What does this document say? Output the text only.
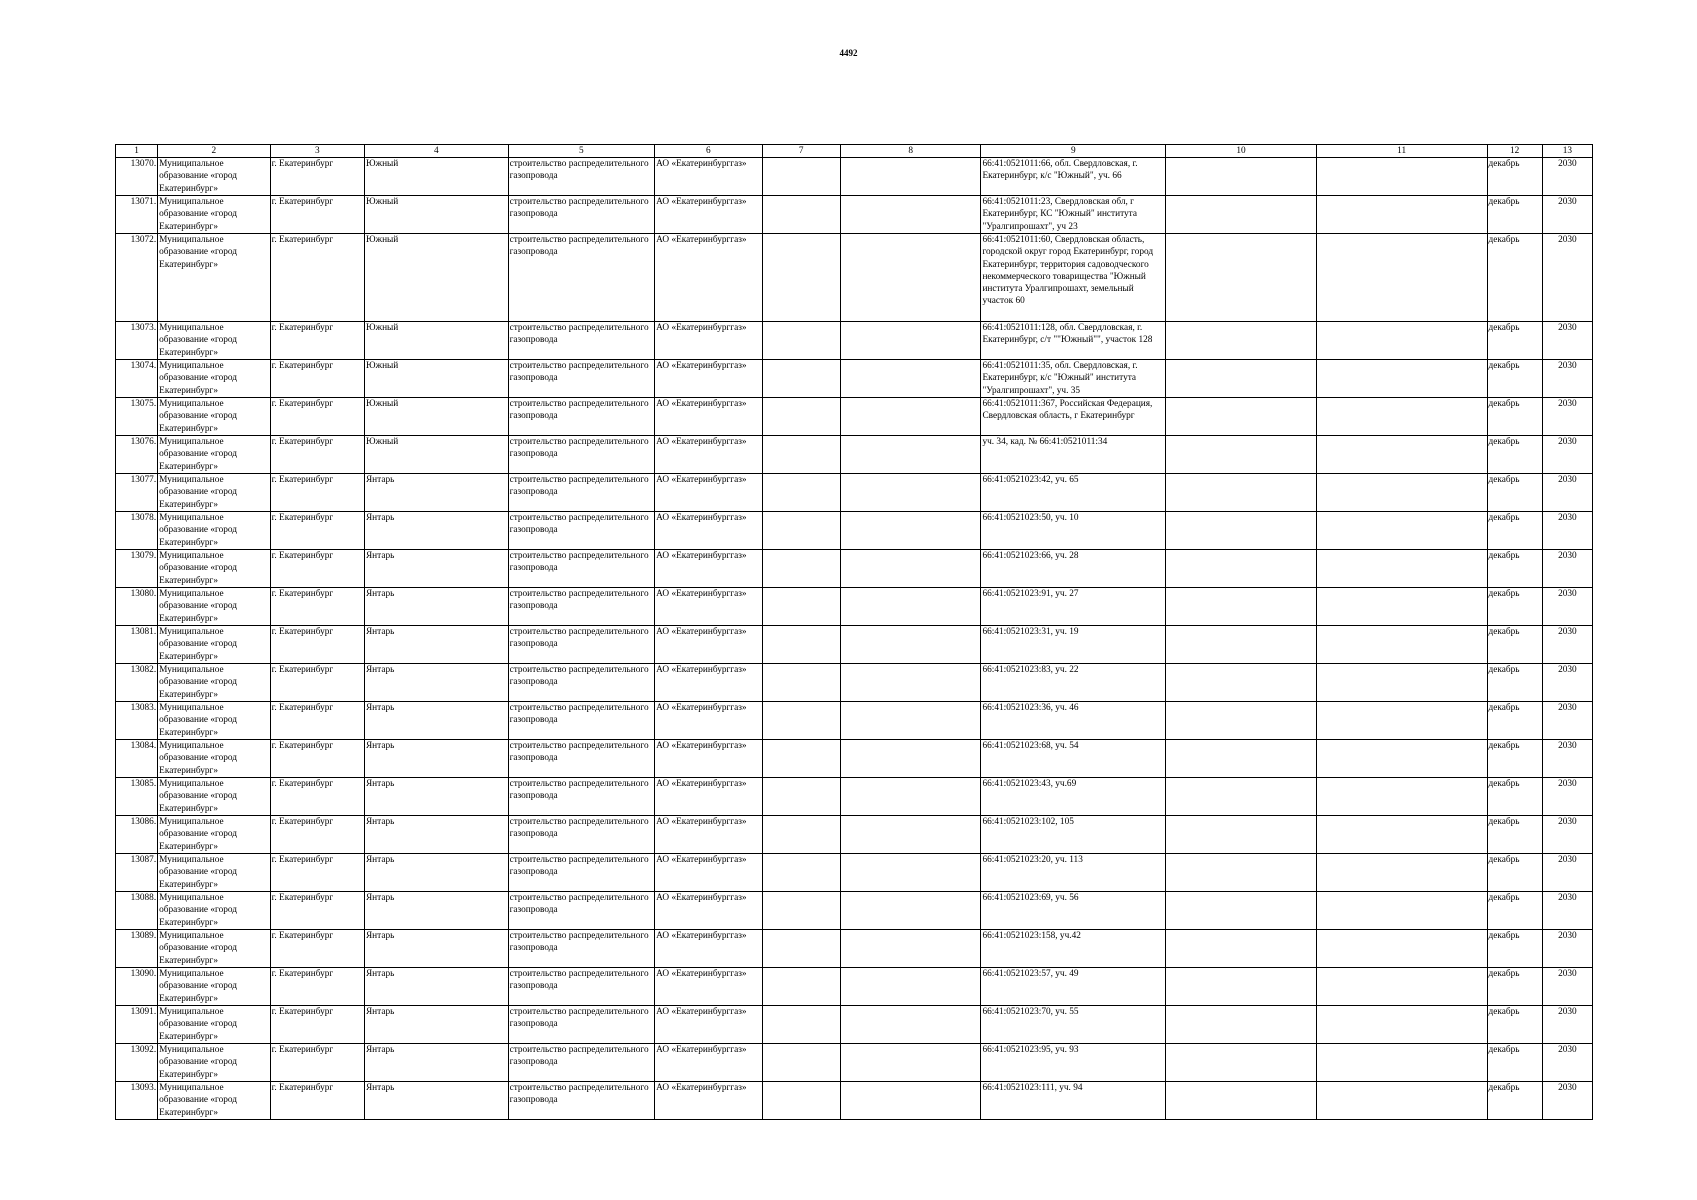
4492
1	2	3	4	5	6	7	8	9	10	11	12	13
13070.	Муниципальное образование «город Екатеринбург»	г. Екатеринбург	Южный	строительство распределительного газопровода	АО «Екатеринбурггаз»			66:41:0521011:66, обл. Свердловская, г. Екатеринбург, к/с "Южный", уч. 66			декабрь	2030
13071.	Муниципальное образование «город Екатеринбург»	г. Екатеринбург	Южный	строительство распределительного газопровода	АО «Екатеринбурггаз»			66:41:0521011:23, Свердловская обл, г Екатеринбург, КС "Южный" института "Уралгипрошахт", уч 23			декабрь	2030
13072.	Муниципальное образование «город Екатеринбург»	г. Екатеринбург	Южный	строительство распределительного газопровода	АО «Екатеринбурггаз»			66:41:0521011:60, Свердловская область, городской округ город Екатеринбург, город Екатеринбург, территория садоводческого некоммерческого товарищества "Южный института Уралгипрошахт, земельный участок 60			декабрь	2030
13073.	Муниципальное образование «город Екатеринбург»	г. Екатеринбург	Южный	строительство распределительного газопровода	АО «Екатеринбурггаз»			66:41:0521011:128, обл. Свердловская, г. Екатеринбург, с/т ""Южный"", участок 128			декабрь	2030
13074.	Муниципальное образование «город Екатеринбург»	г. Екатеринбург	Южный	строительство распределительного газопровода	АО «Екатеринбурггаз»			66:41:0521011:35, обл. Свердловская, г. Екатеринбург, к/с "Южный" института "Уралгипрошахт", уч. 35			декабрь	2030
13075.	Муниципальное образование «город Екатеринбург»	г. Екатеринбург	Южный	строительство распределительного газопровода	АО «Екатеринбурггаз»			66:41:0521011:367, Российская Федерация, Свердловская область, г Екатеринбург			декабрь	2030
13076.	Муниципальное образование «город Екатеринбург»	г. Екатеринбург	Южный	строительство распределительного газопровода	АО «Екатеринбурггаз»			уч. 34, кад. № 66:41:0521011:34			декабрь	2030
13077.	Муниципальное образование «город Екатеринбург»	г. Екатеринбург	Янтарь	строительство распределительного газопровода	АО «Екатеринбурггаз»			66:41:0521023:42, уч. 65			декабрь	2030
13078.	Муниципальное образование «город Екатеринбург»	г. Екатеринбург	Янтарь	строительство распределительного газопровода	АО «Екатеринбурггаз»			66:41:0521023:50, уч. 10			декабрь	2030
13079.	Муниципальное образование «город Екатеринбург»	г. Екатеринбург	Янтарь	строительство распределительного газопровода	АО «Екатеринбурггаз»			66:41:0521023:66, уч. 28			декабрь	2030
13080.	Муниципальное образование «город Екатеринбург»	г. Екатеринбург	Янтарь	строительство распределительного газопровода	АО «Екатеринбурггаз»			66:41:0521023:91, уч. 27			декабрь	2030
13081.	Муниципальное образование «город Екатеринбург»	г. Екатеринбург	Янтарь	строительство распределительного газопровода	АО «Екатеринбурггаз»			66:41:0521023:31, уч. 19			декабрь	2030
13082.	Муниципальное образование «город Екатеринбург»	г. Екатеринбург	Янтарь	строительство распределительного газопровода	АО «Екатеринбурггаз»			66:41:0521023:83, уч. 22			декабрь	2030
13083.	Муниципальное образование «город Екатеринбург»	г. Екатеринбург	Янтарь	строительство распределительного газопровода	АО «Екатеринбурггаз»			66:41:0521023:36, уч. 46			декабрь	2030
13084.	Муниципальное образование «город Екатеринбург»	г. Екатеринбург	Янтарь	строительство распределительного газопровода	АО «Екатеринбурггаз»			66:41:0521023:68, уч. 54			декабрь	2030
13085.	Муниципальное образование «город Екатеринбург»	г. Екатеринбург	Янтарь	строительство распределительного газопровода	АО «Екатеринбурггаз»			66:41:0521023:43, уч.69			декабрь	2030
13086.	Муниципальное образование «город Екатеринбург»	г. Екатеринбург	Янтарь	строительство распределительного газопровода	АО «Екатеринбурггаз»			66:41:0521023:102, 105			декабрь	2030
13087.	Муниципальное образование «город Екатеринбург»	г. Екатеринбург	Янтарь	строительство распределительного газопровода	АО «Екатеринбурггаз»			66:41:0521023:20, уч. 113			декабрь	2030
13088.	Муниципальное образование «город Екатеринбург»	г. Екатеринбург	Янтарь	строительство распределительного газопровода	АО «Екатеринбурггаз»			66:41:0521023:69, уч. 56			декабрь	2030
13089.	Муниципальное образование «город Екатеринбург»	г. Екатеринбург	Янтарь	строительство распределительного газопровода	АО «Екатеринбурггаз»			66:41:0521023:158, уч.42			декабрь	2030
13090.	Муниципальное образование «город Екатеринбург»	г. Екатеринбург	Янтарь	строительство распределительного газопровода	АО «Екатеринбурггаз»			66:41:0521023:57, уч. 49			декабрь	2030
13091.	Муниципальное образование «город Екатеринбург»	г. Екатеринбург	Янтарь	строительство распределительного газопровода	АО «Екатеринбурггаз»			66:41:0521023:70, уч. 55			декабрь	2030
13092.	Муниципальное образование «город Екатеринбург»	г. Екатеринбург	Янтарь	строительство распределительного газопровода	АО «Екатеринбурггаз»			66:41:0521023:95, уч. 93			декабрь	2030
13093.	Муниципальное образование «город Екатеринбург»	г. Екатеринбург	Янтарь	строительство распределительного газопровода	АО «Екатеринбурггаз»			66:41:0521023:111, уч. 94			декабрь	2030
